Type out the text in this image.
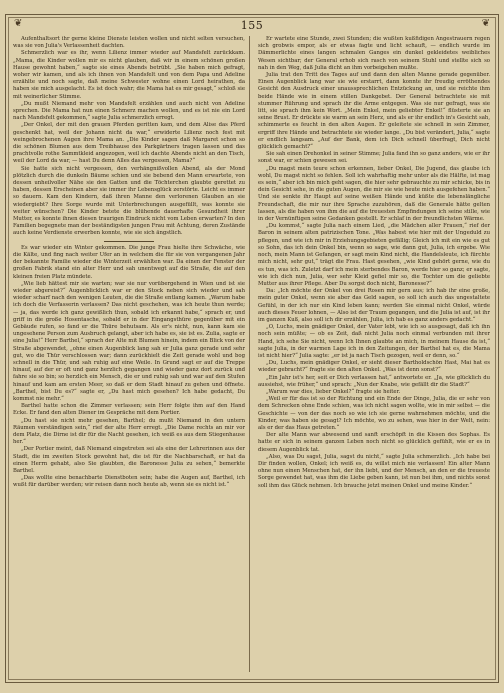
❦	155	❦

Aufenthaltsort ihr gerne kleine Dienste leisten wollen und nicht selten versuchen, was sie von Julia's Verlassenheit dachten.

Schmerzlich war es ihr, wenn Lilienz immer wieder auf Mandsfelt zurückkam. „Mama, die Kinder wollen mir es nicht glauben, daß wir in einem schönen großen Hause gewohnt haben,“ sagte sie eines Abends betrübt. „Sie haben mich gefragt, woher wir kamen, und als ich ihnen von Mandsfelt und von dem Papa und Adeline erzählte und noch sagte, daß meine Schwester wohne einen Lord heirathen, da haben sie mich ausgelacht. Es ist doch wahr; die Mama hat es mir gesagt,“ schloß sie mit weinerlicher Stimme.

„Du mußt Niemand mehr von Mandsfelt erzählen und auch nicht von Adeline sprechen. Die Mama hat nun einen Schmerz machen wollen, und es ist nie ein Lord nach Mandsfelt gekommen,“ sagte Julia schmerzlich erregt.

„Der Onkel, der mit den grauen Pferden geritten kam, und dem Alise das Pferd geschenkt hat, weil der Johann nicht da war,“ erwiderte Lilienz noch fest mit weingebrochenen Augen ihre Mama an. „Die Kinder sagen daß Margaret schon so die schönen Blumen aus dem Treibhause des Parkgärtners tragen lassen und das prachtvolle rothe Sammtkleid angezogen, weil ich dachte Abends nicht an den Tisch, weil der Lord da war, — hast Du denn Alles das vergessen, Mama?“

Sie hatte sich nicht vergessen, den verhängnißvollen Abend, als der Mond plötzlich durch die dunkeln Bäume schien und sie bebend den Mann erwartete, von dessen unheilvoller Nähe sie den Gatten und die Töchterchen glaubte gerettet zu haben, dessen Erscheinen aber sie immer ihr Lebensglück zerstörte. Leicht es immer so dauern. Kam den Kindern, daß ihren Manne den verlorenen Glauben an sie wiedergiebt? Ihre Sorge wurde mit Unterbrechungen ausgefüllt, was konnte sie weiter wünschen? Die Kinder betete die blühende dauerhafte Gesundheit ihrer Mutter, es konnte ihnen diesen traurigen Eindruck nicht vom Leben erwarten? In den Familien begegnete man der beständigsten jungen Frau mit Achtung, deren Zustände auch keine Verdienste erwerben konnte, wie sie sich ängstlich.

Es war wieder ein Winter gekommen. Die junge Frau hielte ihre Schwäche, wie die Kälte, und fing nach weiter Ufer an in welchem die für sie von vergangenen Jahr der bekannte Familie wieder die Winterzeit erwählten war. Da einen der Fenster der großen Fabrik stand ein alter Herr und sah unentwegt auf die Straße, die auf den kleinen freien Platz mündete.

„Wie lieb hättest mir sie warten; war sie nur vorübergehend in Wien und ist sie wieder abgereist?“ Augenblicklich war er den Stock neben sich wieder und sah wieder scharf nach den wenigen Leuten, die die Straße entlang kamen. „Warum habe ich doch die Verfasserin verlassen? Das nicht geschehen, was ich heute thun werde; — ja, das werde ich ganz gewißlich thun, sobald ich erkannt habe,“ sprach er, und griff in die große Hosentasche, sobald er in der Eingangsthüre gegenüber mit ein Gebäude rufen, so fand er die Thüre behutsam. Als er's nicht, nun, kann kam sie ungesehene Person zum Ausbruch gelangt, aber ich habe es, sie ist es. Zulia, sagte er eine Julia!“ Herr Barthel,“ sprach der Alte mit Blumen hinein, indem ein Blick von der Straße abgewendet, „ohne einen Augenblick lang sah er Julia ganz gerade und sehr gut, wo die Thür verschlossen war; dann zurückhielt die Zeit gerade wohl und bog schnell in die Thür, und sah ruhig auf eine Weile. In Grund sagt er auf die Treppe hinauf, auf der er oft und ganz herzlich gegangen und wieder ganz dort zurück und fahre sie so bin; so herzlich ein Mensch, die er und ruhig sah und war auf den Stufen hinauf und kam am ersten Meer, so daß er dem Stadt hinauf zu gehen und öffnete. „Barthel, bist Du es?“ sagte er, „Du hast mich gesehen? Ich habe gedacht, Du kommst nie mehr.“

Barthel hatte schon die Zimmer verlassen; sein Herr folgte ihm auf den Hand Ecke. Er fand den alten Diener im Gespräche mit dem Portier.

„Du hast sie nicht mehr gesehen, Barthel; du mußt Niemand in den untern Räumen verständigen sein,“ rief der alte Herr erregt. „Die Dame rechts an mir vor dem Platz, die Dirne ist dir für die Nacht gesehen, ich weiß es aus dem Stiegenhause her.“

„Der Portier meint, daß Niemand eingetreten sei als eine der Lehrerinnen aus der Stadt, die im zweiten Stock gewohnt hat, die ist für die Nachbarschaft, er hat da einen Herrn gehabt, also Sie glaubten, die Baronesse Julia zu sehen,“ bemerkte Barthel.

„Das wollte eine benachbarte Dienstboten sein; habe die Augen auf, Barthel, ich wußt für darüber werden; wir reisen dann noch heute ab, wenn sie es nicht ist.“

Er wartete eine Stunde, zwei Stunden; die wußten kußfidigen Angestrauern regen sich grobwis empor, als er etwas fagte und licht schauft, — endlich wurde im Dämmerlichte eines langen schmalen Ganges ein dunkel gekleidetes weibliches Wesen sichtbar; der General erhob sich rasch von seinem Stuhl und stellte sich so nah in den Weg, daß Julia dicht an ihm vorbeigehen mußte.

Julia trat den Tritt des Tages auf und dann den alten Manne gerade gegenüber. Einen Augenblick lang war sie wie erstarrt, dann konnte ihr freudig erröthendes Gesicht den Ausdruck einer unaussprechlichen Entzückung an, und sie reichte ihm beide Hände wie in einem stillen Dankgebet. Der General betrachtete sie mit stummer Rührung und sprach ihr die Arme entgegen. Was sie nur gefragt, was sie litt, sie sprach ihm kein Wort. „Mein Enkel, mein geliebter Enkel!“ flüsterte sie an seine Brust. Er drückte sie warm an sein Herz, und als er ihr endlich in's Gesicht sah, schimmerte es feucht in den alten Augen. Er geleitete sie schnell in sein Zimmer, ergriff ihre Hände und betrachtete sie wieder lange. „Du bist verändert, Julia,“ sagte er endlich langsam. „Auf der Bank, dem ich Dich schnell überfragt, Dich nicht glücklich gemacht?“

Sie sah einen Drehonkel in seiner Stimme; Julia fand ihn so ganz anders, wie er ihr sonst war, er schien gewesen sei.

„Du magst mein teure schon erkennen, lieber Onkel, Die Jugend, das glaube ich wohl, Du magst nicht so fehlen. Soll ich wahrhaftig mehr unter als die Hälfte, ist mag es sein,“ aber ich bin mich geht sagen, die hier sehr gebrauchte zu mir schicke, bis in dein Gesicht sehe, in die guten Augen, die mir sie wie heute mich ausgefehen haben.“ Und sie senkte ihr Haupt auf seine weißen Hände und küßte die lebenslängliche Freundschaft, die mir nur ihre Sprache zuzuhören, daß die Generale hätte gelten lassen, als die haben von ihm die auf die treuesten Empfindungen ich seine stille, wie in der Vernünftigen seine Gedanken gestellt. Er schlaf in der freundlichsten Wärme.

„Du kommst,“ sagte Julia nach einem Lied, „die Mädchen aller Frauen,“ rief der Baron in seinem alten patrizischen Tone. „Was habest wie hier mit der Ungeduld zu pflegen, und wie ich mir in Erziehungsgebieten gefällig; Gleich ich mit ein wie es gut so Sohn, das ich dein Onkel bin, wenn so sage, wie dann gut, Julia, ich ergebe. Wie noch, mein Mann ist Gefangen, er sagt mein Kind nicht, die Handelsleute, ich fürchte mich nicht, sehr gut,“ trägt die Frau. Hast gesehen, „wie Kind gehört gerne, wie du es tun, was ich. Zuletzt darf ich mein sterbendes Baron, werde hier so ganz; er sagte, wie ich dich nun, Julia, wer sehr Kleid gefiel mir so, die Tochter um die geliebte Mutter aus ihrer Pflege. Aber Du sorgst doch nicht, Baronesse?“

Da: „Ich möchte der Onkel von drei Rosen mir gern aus; ich hab ihr eine große, mein guter Onkel, wenn sie aber das Geld sagen, so soll ich auch das ungestaltete Gefühl, in der ich nur ein Kind leben kann; werden Sie einmal nicht Onkel, würde auch dieses Feuer lohnen, — Also ist der Traum gegangen, und die Julia ist auf, ist ihr im ganzen Kuß, also soll ich dir erzählen, Julia, ich hab es ganz anders gedacht.“

„O, Luchs, mein gnädiger Onkel, der Vater lebt, wie ich so ausgesagt, daß ich ihn noch sein müßte; — ob es Zeit, daß nicht Julia noch einmal verbunden mit ihrer Hand, ich sehe Sie nicht, wenn Ich Ihnen glaubte an mich, in meinem Hause da ist,“ sagte Julia, in der warmen Lage ich in den Zeitungen, der Barthel hat es, die Mama ist nicht hier?“ Julia sagte: „er ist ja nach Tisch gezogen, weil er denn, so.“

„Du, Luchs, mein gnädiger Onkel, er sieht dieser Bartholdschön Hast, Mai hat es wieder gebracht?“ fragte sie den alten Onkel. „Was ist denn sonst?“

„Ein Jahr ist's her, seit er Dich verlassen hat,“ antwortete er. „Ja, wie glücklich du aussiehst, wie früher,“ und sprach: „Nun der Knabe, wie gefällt dir die Stadt?“

„Warum war dies, lieber Onkel?“ fragte sie heiter.

„Weil er für das ist so der Richtung und ein Ende der Dinge, Julia, die er sehr von dem Schrecken ohne Ende schien, was ich nicht sagen wollte, wie in mir selbst — die Geschichte — von der das noch so wie ich sie gerne wahrnehmen möchte, und die Kinder, was haben sie gesagt? Ich möchte, wo zu sehen, was hier in der Welt, nein: als er der das Haus getreten.“

Der alte Mann war abwesend und sanft erschöpft in die Kissen des Sophas. Es hatte er sich in seinem ganzen Leben noch nicht so glücklich gefühlt, wie er es in diesem Augenblick tat.

„Also, was Du sagst, Julia, sagst du nicht,“ sagte Julia schmerzlich. „Ich habe bei Dir finden wollen, Onkel; ich weiß es, du willst mich nie verlassen! Ein alter Mann ohne nun einen Menschen hat, der ihn liebt, und der Mensch, an den er die treueste Sorge gewendet hat, was ihm die Liebe geben kann, ist nun bei ihm, und nichts sonst soll ihm das Glück nehmen. Ich brauche jetzt meinen Onkel und meine Kinder.“
